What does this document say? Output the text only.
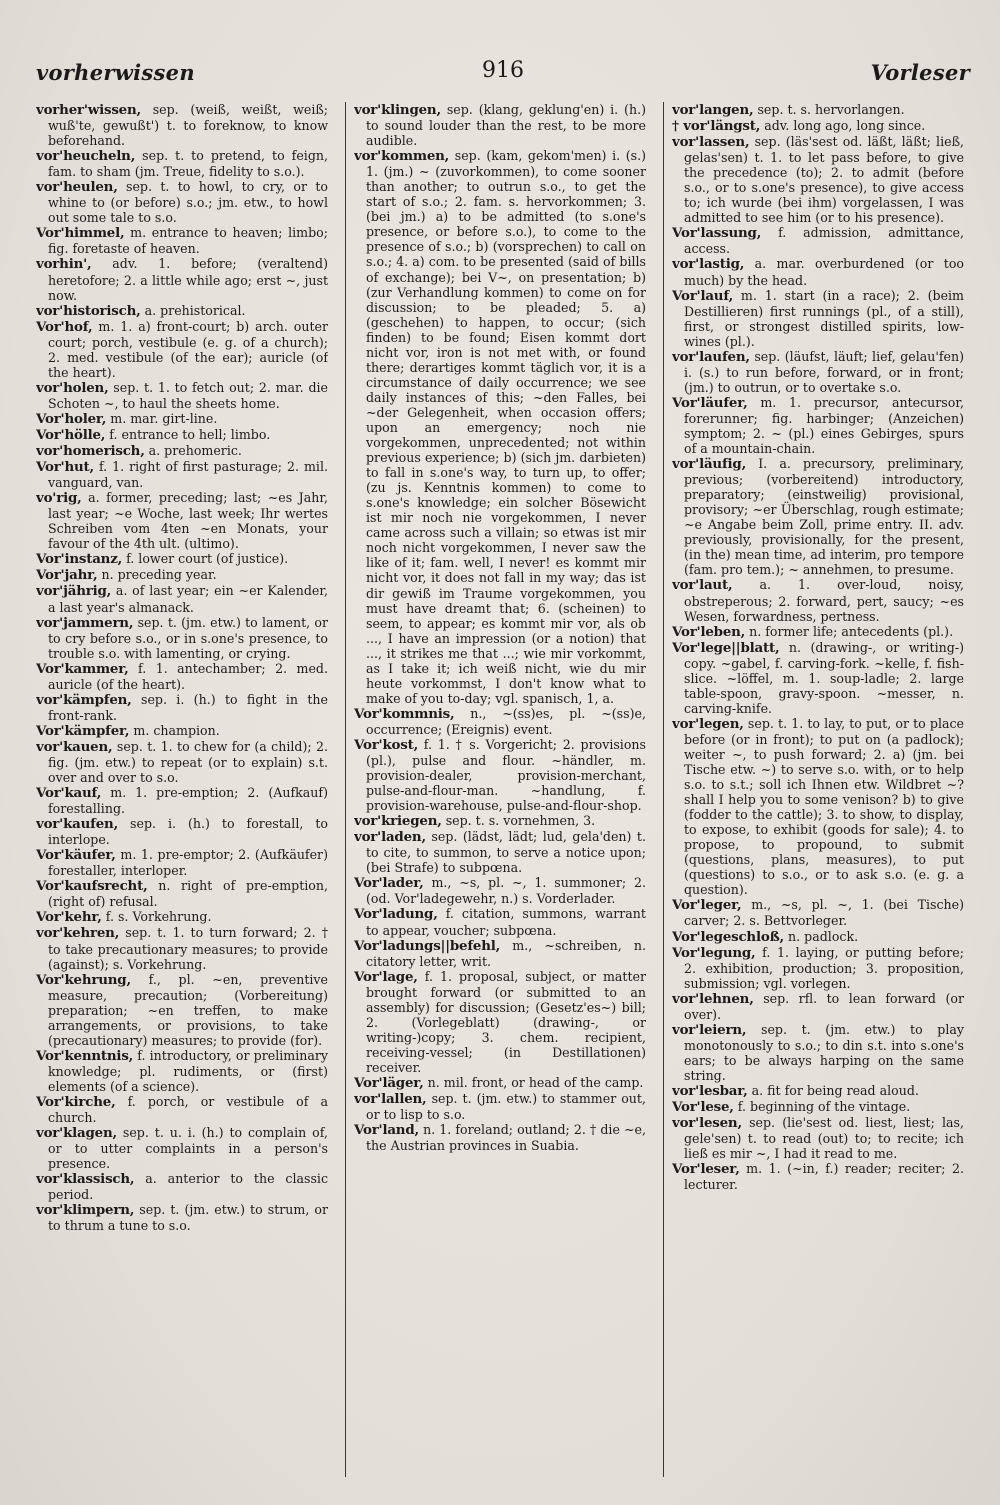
vorherwissen	916	Vorleser

vorher'wissen, sep. (weiß, weißt, weiß; wuß'te, gewußt') t. to foreknow, to know beforehand.

vor'heucheln, sep. t. to pretend, to feign, fam. to sham (jm. Treue, fidelity to s.o.).

vor'heulen, sep. t. to howl, to cry, or to whine to (or before) s.o.; jm. etw., to howl out some tale to s.o.

Vor'himmel, m. entrance to heaven; limbo; fig. foretaste of heaven.

vorhin', adv. 1. before; (veraltend) heretofore; 2. a little while ago; erst ~, just now.

vor'historisch, a. prehistorical.

Vor'hof, m. 1. a) front-court; b) arch. outer court; porch, vestibule (e. g. of a church); 2. med. vestibule (of the ear); auricle (of the heart).

vor'holen, sep. t. 1. to fetch out; 2. mar. die Schoten ~, to haul the sheets home.

Vor'holer, m. mar. girt-line.

Vor'hölle, f. entrance to hell; limbo.

vor'homerisch, a. prehomeric.

Vor'hut, f. 1. right of first pasturage; 2. mil. vanguard, van.

vo'rig, a. former, preceding; last; ~es Jahr, last year; ~e Woche, last week; Ihr wertes Schreiben vom 4ten ~en Monats, your favour of the 4th ult. (ultimo).

Vor'instanz, f. lower court (of justice).

Vor'jahr, n. preceding year.

vor'jährig, a. of last year; ein ~er Kalender, a last year's almanack.

vor'jammern, sep. t. (jm. etw.) to lament, or to cry before s.o., or in s.one's presence, to trouble s.o. with lamenting, or crying.

Vor'kammer, f. 1. antechamber; 2. med. auricle (of the heart).

vor'kämpfen, sep. i. (h.) to fight in the front-rank.

Vor'kämpfer, m. champion.

vor'kauen, sep. t. 1. to chew for (a child); 2. fig. (jm. etw.) to repeat (or to explain) s.t. over and over to s.o.

Vor'kauf, m. 1. pre-emption; 2. (Aufkauf) forestalling.

vor'kaufen, sep. i. (h.) to forestall, to interlope.

Vor'käufer, m. 1. pre-emptor; 2. (Aufkäufer) forestaller, interloper.

Vor'kaufsrecht, n. right of pre-emption, (right of) refusal.

Vor'kehr, f. s. Vorkehrung.

vor'kehren, sep. t. 1. to turn forward; 2. † to take precautionary measures; to provide (against); s. Vorkehrung.

Vor'kehrung, f., pl. ~en, preventive measure, precaution; (Vorbereitung) preparation; ~en treffen, to make arrangements, or provisions, to take (precautionary) measures; to provide (for).

Vor'kenntnis, f. introductory, or preliminary knowledge; pl. rudiments, or (first) elements (of a science).

Vor'kirche, f. porch, or vestibule of a church.

vor'klagen, sep. t. u. i. (h.) to complain of, or to utter complaints in a person's presence.

vor'klassisch, a. anterior to the classic period.

vor'klimpern, sep. t. (jm. etw.) to strum, or to thrum a tune to s.o.

vor'klingen, sep. (klang, geklung'en) i. (h.) to sound louder than the rest, to be more audible.

vor'kommen, sep. (kam, gekom'men) i. (s.) 1. (jm.) ~ (zuvorkommen), to come sooner than another; to outrun s.o., to get the start of s.o.; 2. fam. s. hervorkommen; 3. (bei jm.) a) to be admitted (to s.one's presence, or before s.o.), to come to the presence of s.o.; b) (vorsprechen) to call on s.o.; 4. a) com. to be presented (said of bills of exchange); bei V~, on presentation; b) (zur Verhandlung kommen) to come on for discussion; to be pleaded; 5. a) (geschehen) to happen, to occur; (sich finden) to be found; Eisen kommt dort nicht vor, iron is not met with, or found there; derartiges kommt täglich vor, it is a circumstance of daily occurrence; we see daily instances of this; ~den Falles, bei ~der Gelegenheit, when occasion offers; upon an emergency; noch nie vorgekommen, unprecedented; not within previous experience; b) (sich jm. darbieten) to fall in s.one's way, to turn up, to offer; (zu js. Kenntnis kommen) to come to s.one's knowledge; ein solcher Bösewicht ist mir noch nie vorgekommen, I never came across such a villain; so etwas ist mir noch nicht vorgekommen, I never saw the like of it; fam. well, I never! es kommt mir nicht vor, it does not fall in my way; das ist dir gewiß im Traume vorgekommen, you must have dreamt that; 6. (scheinen) to seem, to appear; es kommt mir vor, als ob ..., I have an impression (or a notion) that ..., it strikes me that ...; wie mir vorkommt, as I take it; ich weiß nicht, wie du mir heute vorkommst, I don't know what to make of you to-day; vgl. spanisch, 1, a.

Vor'kommnis, n., ~(ss)es, pl. ~(ss)e, occurrence; (Ereignis) event.

Vor'kost, f. 1. † s. Vorgericht; 2. provisions (pl.), pulse and flour. ~händler, m. provision-dealer, provision-merchant, pulse-and-flour-man. ~handlung, f. provision-warehouse, pulse-and-flour-shop.

vor'kriegen, sep. t. s. vornehmen, 3.

vor'laden, sep. (lädst, lädt; lud, gela'den) t. to cite, to summon, to serve a notice upon; (bei Strafe) to subpœna.

Vor'lader, m., ~s, pl. ~, 1. summoner; 2. (od. Vor'ladegewehr, n.) s. Vorderlader.

Vor'ladung, f. citation, summons, warrant to appear, voucher; subpœna.

Vor'ladungs||befehl, m., ~schreiben, n. citatory letter, writ.

Vor'lage, f. 1. proposal, subject, or matter brought forward (or submitted to an assembly) for discussion; (Gesetz'es~) bill; 2. (Vorlegeblatt) (drawing-, or writing-)copy; 3. chem. recipient, receiving-vessel; (in Destillationen) receiver.

Vor'läger, n. mil. front, or head of the camp.

vor'lallen, sep. t. (jm. etw.) to stammer out, or to lisp to s.o.

Vor'land, n. 1. foreland; outland; 2. † die ~e, the Austrian provinces in Suabia.

vor'langen, sep. t. s. hervorlangen.

† vor'längst, adv. long ago, long since.

vor'lassen, sep. (läs'sest od. läßt, läßt; ließ, gelas'sen) t. 1. to let pass before, to give the precedence (to); 2. to admit (before s.o., or to s.one's presence), to give access to; ich wurde (bei ihm) vorgelassen, I was admitted to see him (or to his presence).

Vor'lassung, f. admission, admittance, access.

vor'lastig, a. mar. overburdened (or too much) by the head.

Vor'lauf, m. 1. start (in a race); 2. (beim Destillieren) first runnings (pl., of a still), first, or strongest distilled spirits, low-wines (pl.).

vor'laufen, sep. (läufst, läuft; lief, gelau'fen) i. (s.) to run before, forward, or in front; (jm.) to outrun, or to overtake s.o.

Vor'läufer, m. 1. precursor, antecursor, forerunner; fig. harbinger; (Anzeichen) symptom; 2. ~ (pl.) eines Gebirges, spurs of a mountain-chain.

vor'läufig, I. a. precursory, preliminary, previous; (vorbereitend) introductory, preparatory; (einstweilig) provisional, provisory; ~er Überschlag, rough estimate; ~e Angabe beim Zoll, prime entry. II. adv. previously, provisionally, for the present, (in the) mean time, ad interim, pro tempore (fam. pro tem.); ~ annehmen, to presume.

vor'laut, a. 1. over-loud, noisy, obstreperous; 2. forward, pert, saucy; ~es Wesen, forwardness, pertness.

Vor'leben, n. former life; antecedents (pl.).

Vor'lege||blatt, n. (drawing-, or writing-) copy. ~gabel, f. carving-fork. ~kelle, f. fish-slice. ~löffel, m. 1. soup-ladle; 2. large table-spoon, gravy-spoon. ~messer, n. carving-knife.

vor'legen, sep. t. 1. to lay, to put, or to place before (or in front); to put on (a padlock); weiter ~, to push forward; 2. a) (jm. bei Tische etw. ~) to serve s.o. with, or to help s.o. to s.t.; soll ich Ihnen etw. Wildbret ~? shall I help you to some venison? b) to give (fodder to the cattle); 3. to show, to display, to expose, to exhibit (goods for sale); 4. to propose, to propound, to submit (questions, plans, measures), to put (questions) to s.o., or to ask s.o. (e. g. a question).

Vor'leger, m., ~s, pl. ~, 1. (bei Tische) carver; 2. s. Bettvorleger.

Vor'legeschloß, n. padlock.

Vor'legung, f. 1. laying, or putting before; 2. exhibition, production; 3. proposition, submission; vgl. vorlegen.

vor'lehnen, sep. rfl. to lean forward (or over).

vor'leiern, sep. t. (jm. etw.) to play monotonously to s.o.; to din s.t. into s.one's ears; to be always harping on the same string.

vor'lesbar, a. fit for being read aloud.

Vor'lese, f. beginning of the vintage.

vor'lesen, sep. (lie'sest od. liest, liest; las, gele'sen) t. to read (out) to; to recite; ich ließ es mir ~, I had it read to me.

Vor'leser, m. 1. (~in, f.) reader; reciter; 2. lecturer.
